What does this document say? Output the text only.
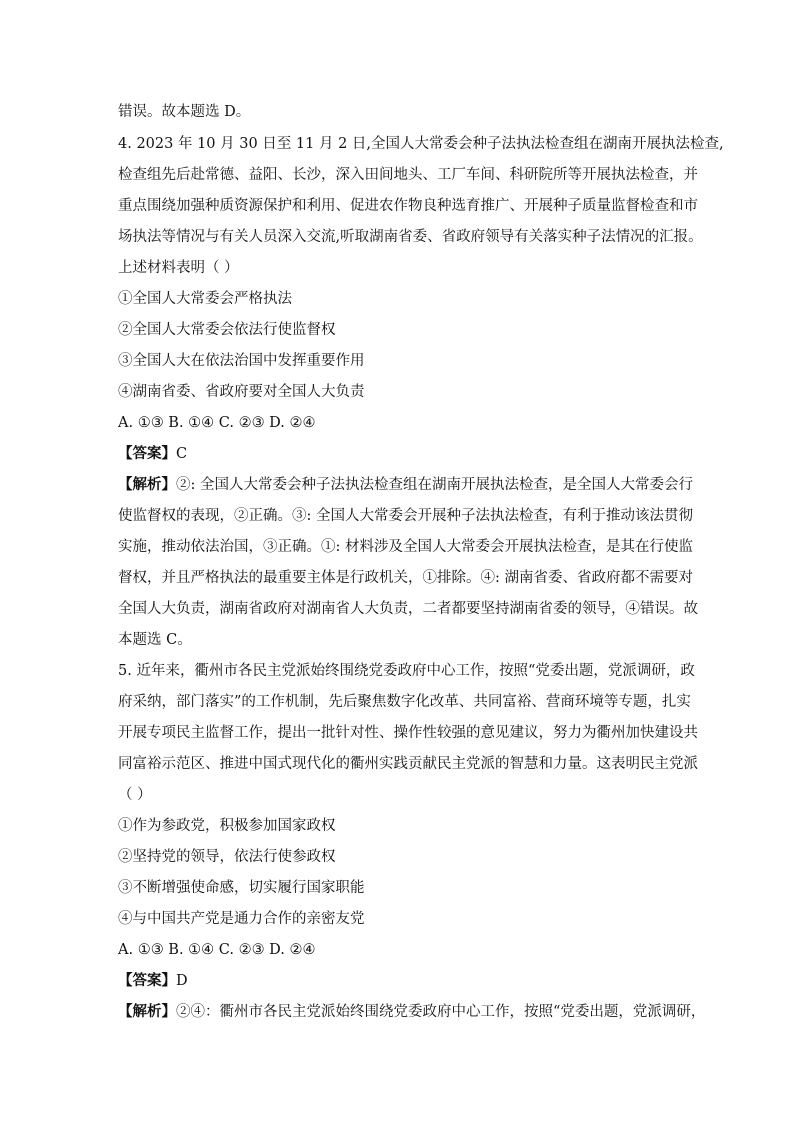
错误。故本题选 D。
4. 2023 年 10 月 30 日至 11 月 2 日,全国人大常委会种子法执法检查组在湖南开展执法检查,
检查组先后赴常德、益阳、长沙，深入田间地头、工厂车间、科研院所等开展执法检查，并
重点围绕加强种质资源保护和利用、促进农作物良种选育推广、开展种子质量监督检查和市
场执法等情况与有关人员深入交流,听取湖南省委、省政府领导有关落实种子法情况的汇报。
上述材料表明（ ）
①全国人大常委会严格执法
②全国人大常委会依法行使监督权
③全国人大在依法治国中发挥重要作用
④湖南省委、省政府要对全国人大负责
A. ①③ B. ①④ C. ②③ D. ②④
【答案】C
【解析】②: 全国人大常委会种子法执法检查组在湖南开展执法检查，是全国人大常委会行
使监督权的表现，②正确。③: 全国人大常委会开展种子法执法检查，有利于推动该法贯彻
实施，推动依法治国，③正确。①: 材料涉及全国人大常委会开展执法检查，是其在行使监
督权，并且严格执法的最重要主体是行政机关，①排除。④: 湖南省委、省政府都不需要对
全国人大负责，湖南省政府对湖南省人大负责，二者都要坚持湖南省委的领导，④错误。故
本题选 C。
5. 近年来，衢州市各民主党派始终围绕党委政府中心工作，按照“党委出题，党派调研，政
府采纳，部门落实”的工作机制，先后聚焦数字化改革、共同富裕、营商环境等专题，扎实
开展专项民主监督工作，提出一批针对性、操作性较强的意见建议，努力为衢州加快建设共
同富裕示范区、推进中国式现代化的衢州实践贡献民主党派的智慧和力量。这表明民主党派
（ ）
①作为参政党，积极参加国家政权
②坚持党的领导，依法行使参政权
③不断增强使命感，切实履行国家职能
④与中国共产党是通力合作的亲密友党
A. ①③ B. ①④ C. ②③ D. ②④
【答案】D
【解析】②④：衢州市各民主党派始终围绕党委政府中心工作，按照“党委出题，党派调研，
